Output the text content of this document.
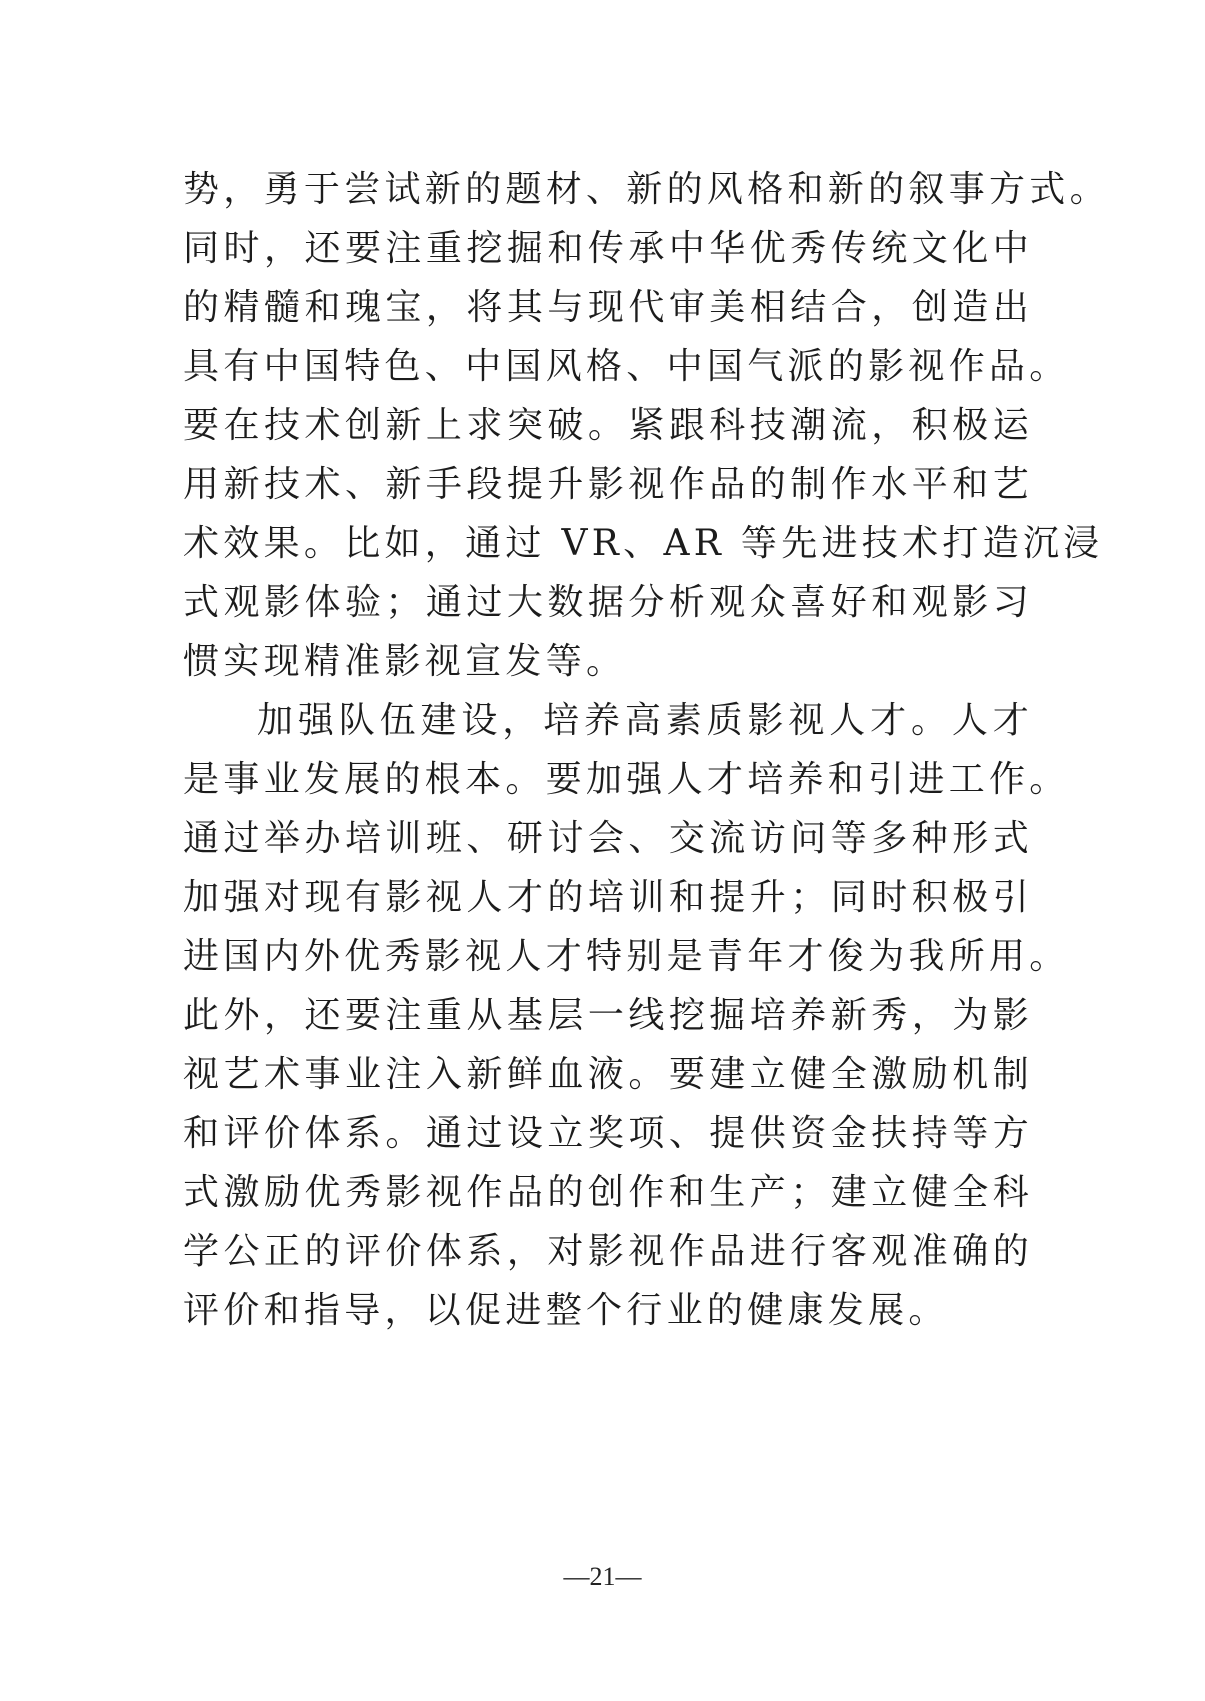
势，勇于尝试新的题材、新的风格和新的叙事方式。
同时，还要注重挖掘和传承中华优秀传统文化中
的精髓和瑰宝，将其与现代审美相结合，创造出
具有中国特色、中国风格、中国气派的影视作品。
要在技术创新上求突破。紧跟科技潮流，积极运
用新技术、新手段提升影视作品的制作水平和艺
术效果。比如，通过 VR、AR 等先进技术打造沉浸
式观影体验；通过大数据分析观众喜好和观影习
惯实现精准影视宣发等。
加强队伍建设，培养高素质影视人才。人才
是事业发展的根本。要加强人才培养和引进工作。
通过举办培训班、研讨会、交流访问等多种形式
加强对现有影视人才的培训和提升；同时积极引
进国内外优秀影视人才特别是青年才俊为我所用。
此外，还要注重从基层一线挖掘培养新秀，为影
视艺术事业注入新鲜血液。要建立健全激励机制
和评价体系。通过设立奖项、提供资金扶持等方
式激励优秀影视作品的创作和生产；建立健全科
学公正的评价体系，对影视作品进行客观准确的
评价和指导，以促进整个行业的健康发展。
—21—
